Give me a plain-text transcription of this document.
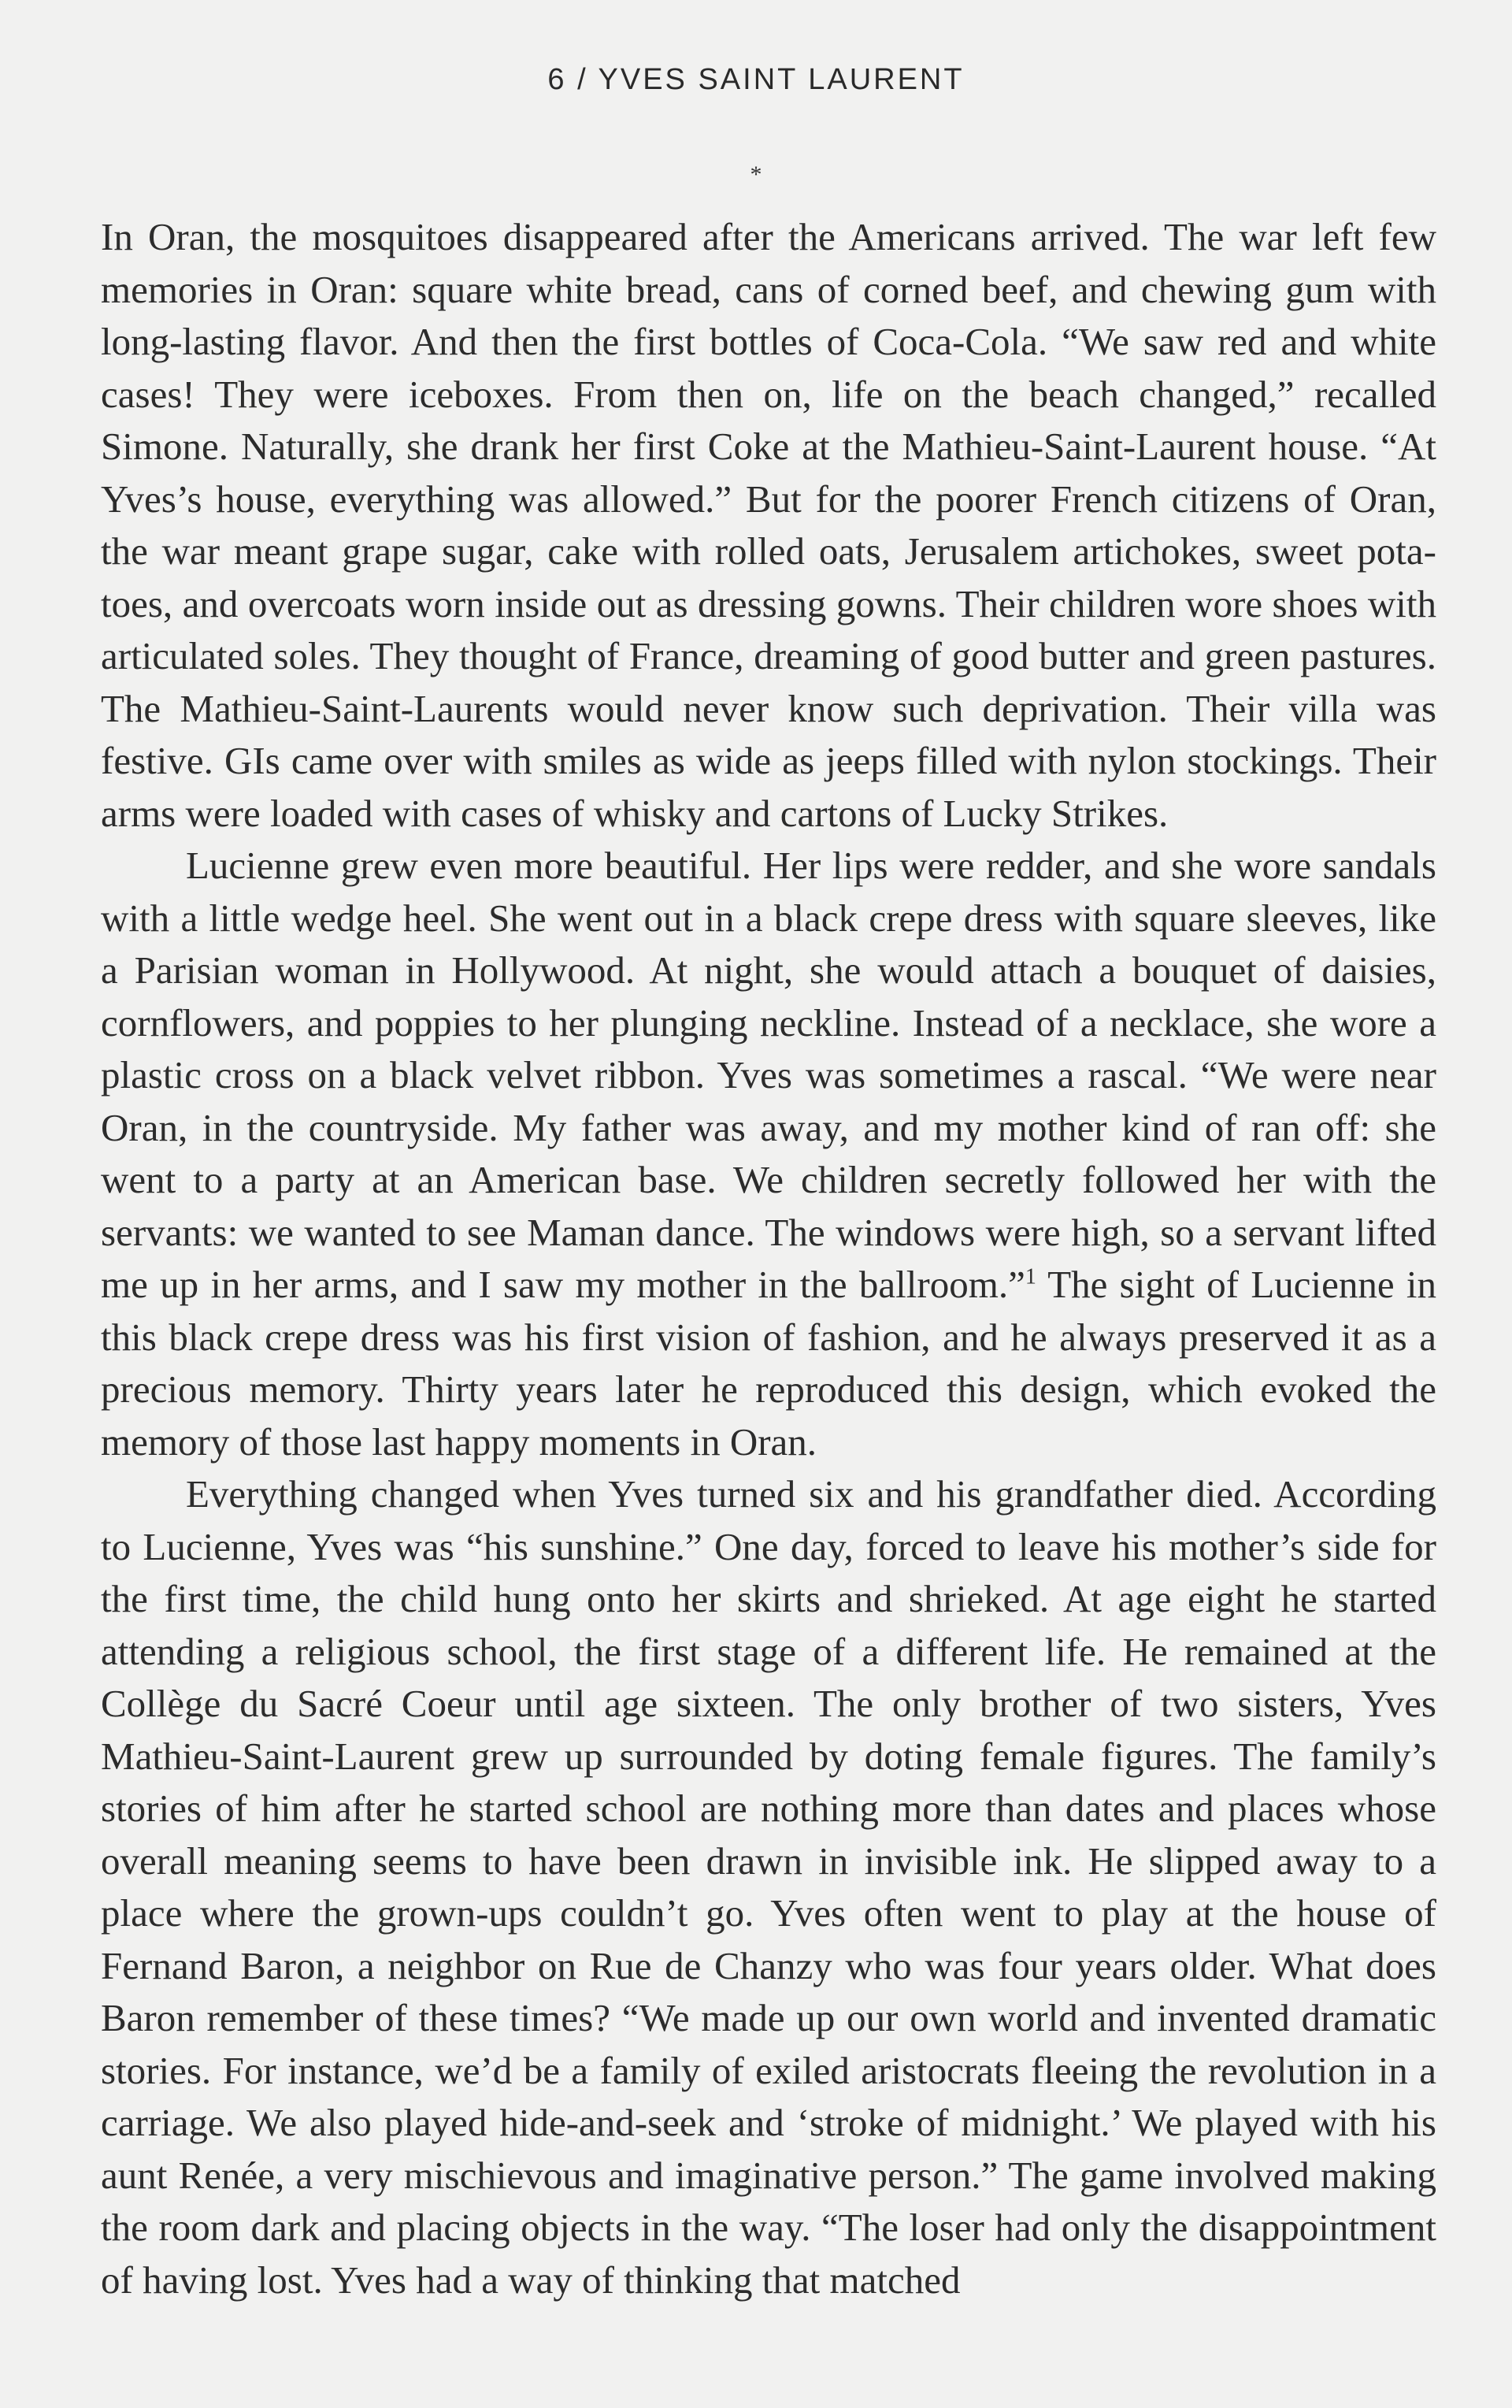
6 / YVES SAINT LAURENT
*

In Oran, the mosquitoes disappeared after the Americans arrived. The war left few memories in Oran: square white bread, cans of corned beef, and chewing gum with long-lasting flavor. And then the first bottles of Coca-Cola. “We saw red and white cases! They were iceboxes. From then on, life on the beach changed,” recalled Simone. Naturally, she drank her first Coke at the Mathieu-Saint-Laurent house. “At Yves’s house, everything was allowed.” But for the poorer French citizens of Oran, the war meant grape sugar, cake with rolled oats, Jerusalem artichokes, sweet potatoes, and overcoats worn inside out as dressing gowns. Their children wore shoes with articulated soles. They thought of France, dreaming of good butter and green pastures. The Mathieu-Saint-Laurents would never know such deprivation. Their villa was festive. GIs came over with smiles as wide as jeeps filled with nylon stockings. Their arms were loaded with cases of whisky and cartons of Lucky Strikes.

Lucienne grew even more beautiful. Her lips were redder, and she wore sandals with a little wedge heel. She went out in a black crepe dress with square sleeves, like a Parisian woman in Hollywood. At night, she would attach a bouquet of daisies, cornflowers, and poppies to her plunging neckline. Instead of a necklace, she wore a plastic cross on a black velvet ribbon. Yves was sometimes a rascal. “We were near Oran, in the countryside. My father was away, and my mother kind of ran off: she went to a party at an American base. We children secretly followed her with the servants: we wanted to see Maman dance. The windows were high, so a servant lifted me up in her arms, and I saw my mother in the ballroom.”$^1$ The sight of Lucienne in this black crepe dress was his first vision of fashion, and he always preserved it as a precious memory. Thirty years later he reproduced this design, which evoked the memory of those last happy moments in Oran.

Everything changed when Yves turned six and his grandfather died. According to Lucienne, Yves was “his sunshine.” One day, forced to leave his mother’s side for the first time, the child hung onto her skirts and shrieked. At age eight he started attending a religious school, the first stage of a different life. He remained at the Collège du Sacré Coeur until age sixteen. The only brother of two sisters, Yves Mathieu-Saint-Laurent grew up surrounded by doting female figures. The family’s stories of him after he started school are nothing more than dates and places whose overall meaning seems to have been drawn in invisible ink. He slipped away to a place where the grown-ups couldn’t go. Yves often went to play at the house of Fernand Baron, a neighbor on Rue de Chanzy who was four years older. What does Baron remember of these times? “We made up our own world and invented dramatic stories. For instance, we’d be a family of exiled aristocrats fleeing the revolution in a carriage. We also played hide-and-seek and ‘stroke of midnight.’ We played with his aunt Renée, a very mischievous and imaginative person.” The game involved making the room dark and placing objects in the way. “The loser had only the disappointment of having lost. Yves had a way of thinking that matched
